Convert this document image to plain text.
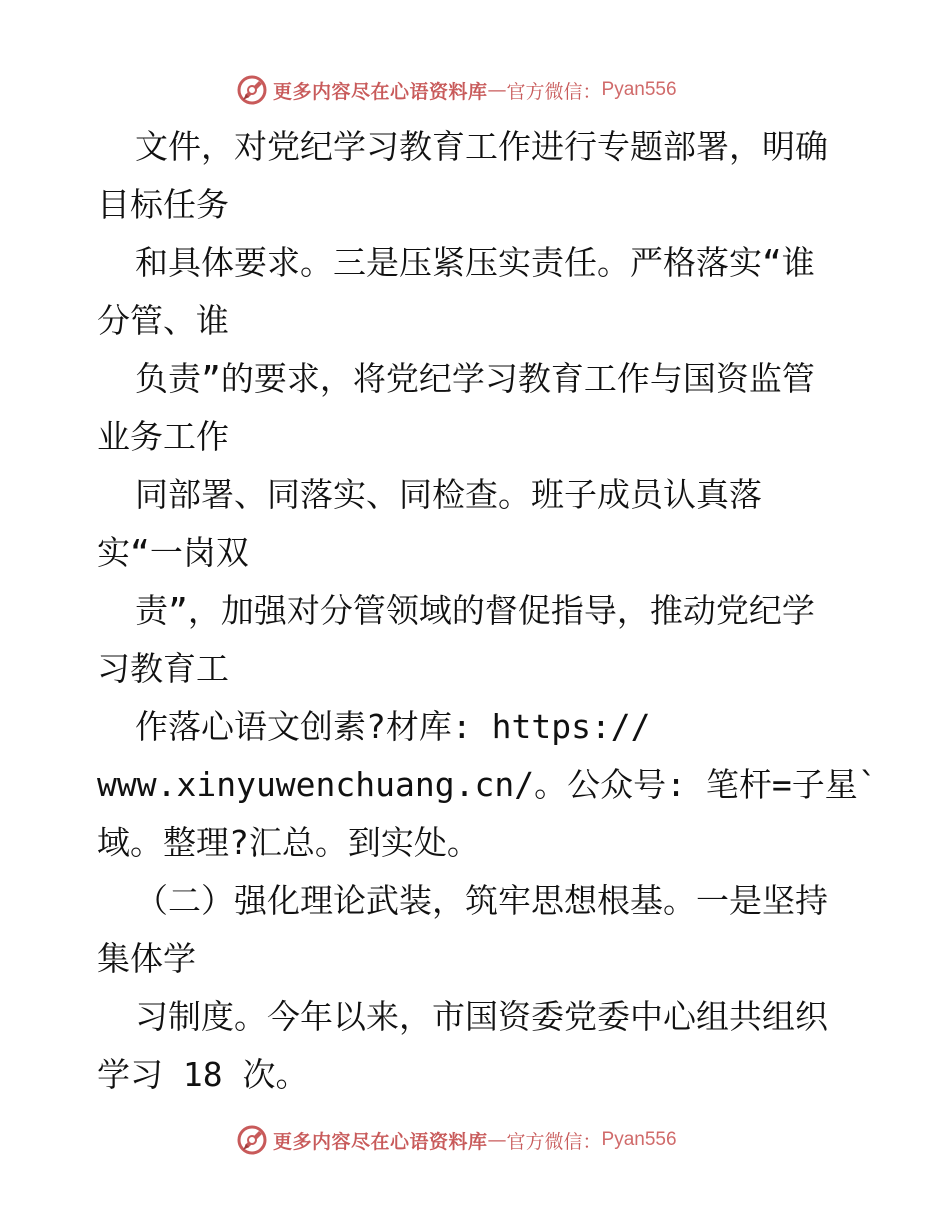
更多内容尽在心语资料库 — 官方微信： Pyan556
文件，对党纪学习教育工作进行专题部署，明确
目标任务
和具体要求。三是压紧压实责任。严格落实“谁
分管、谁
负责”的要求，将党纪学习教育工作与国资监管
业务工作
同部署、同落实、同检查。班子成员认真落
实“一岗双
责”，加强对分管领域的督促指导，推动党纪学
习教育工
作落心语文创素?材库: https://
www.xinyuwenchuang.cn/。公众号: 笔杆=子星`
域。整理?汇总。到实处。
（二）强化理论武装，筑牢思想根基。一是坚持
集体学
习制度。今年以来，市国资委党委中心组共组织
学习 18 次。
更多内容尽在心语资料库 — 官方微信： Pyan556
